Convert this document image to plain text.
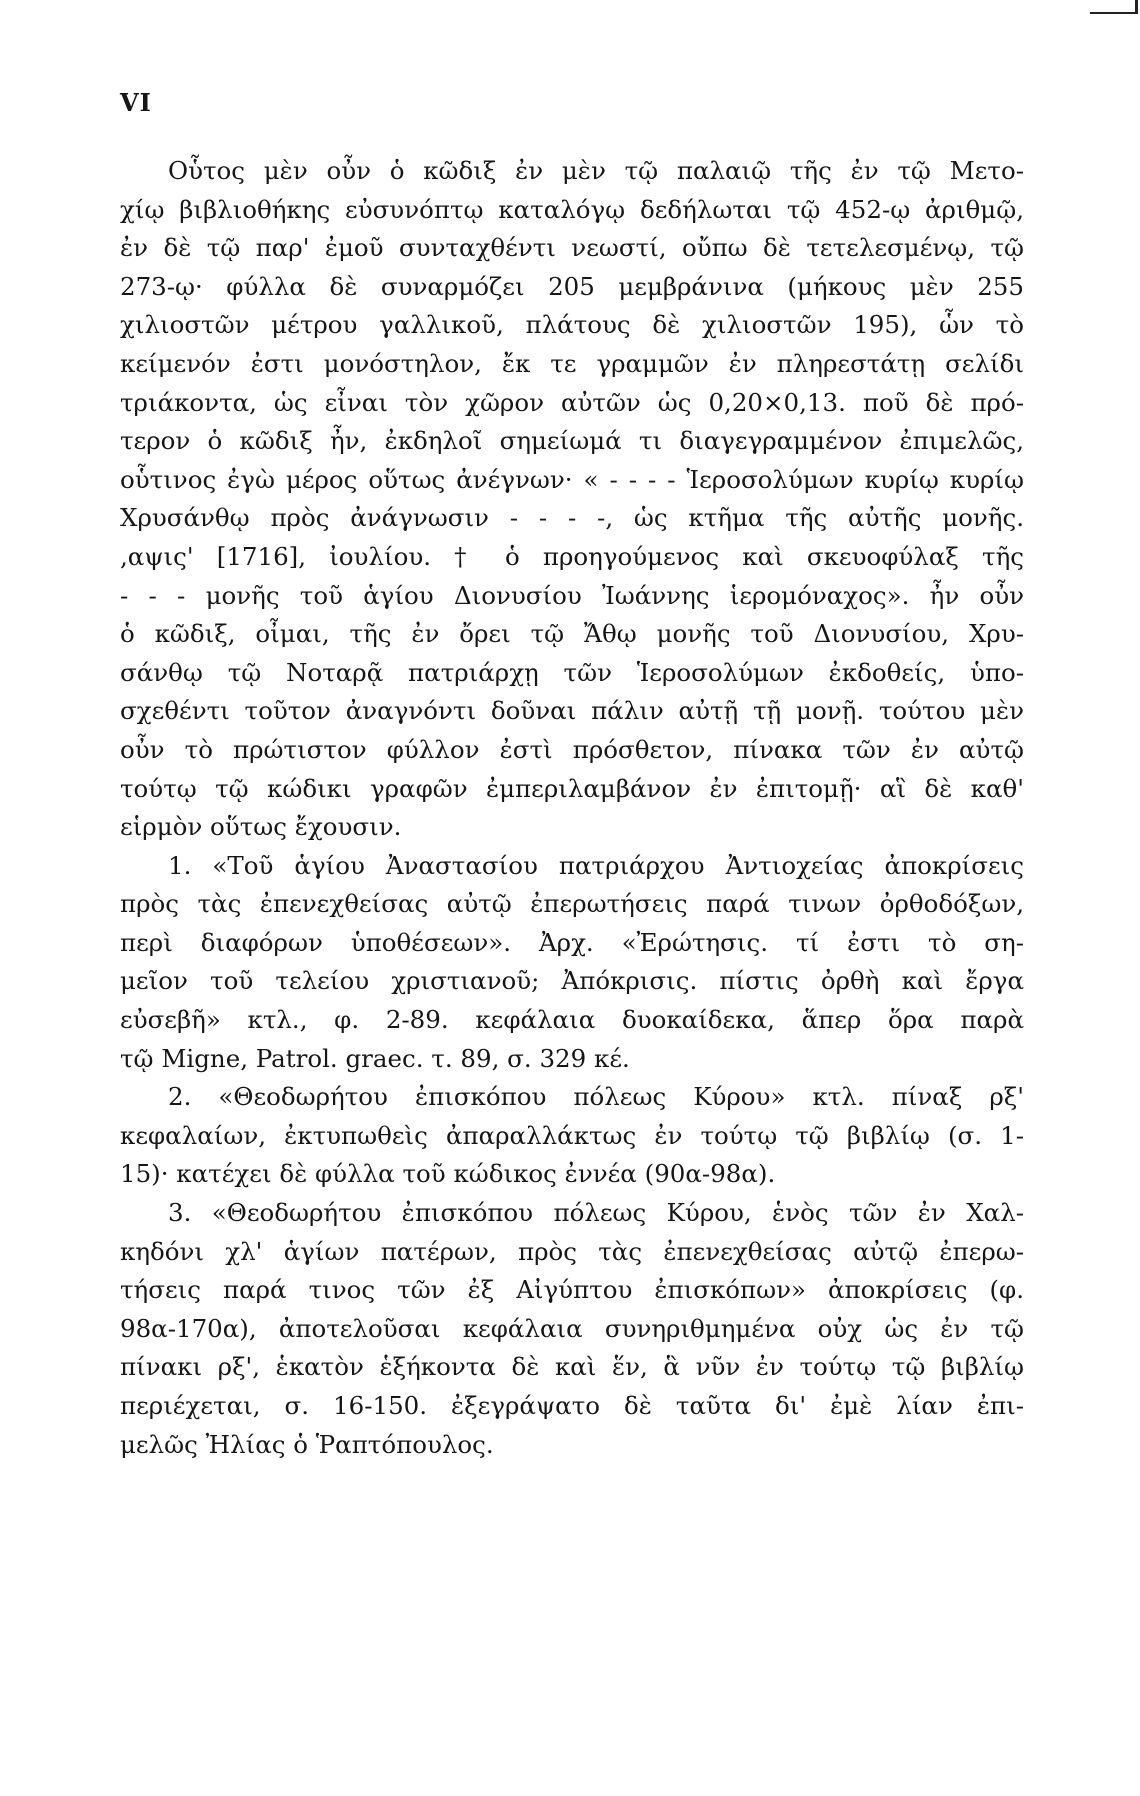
VI
Οὗτος μὲν οὖν ὁ κῶδιξ ἐν μὲν τῷ παλαιῷ τῆς ἐν τῷ Μετο-
χίῳ βιβλιοθήκης εὐσυνόπτῳ καταλόγῳ δεδήλωται τῷ 452-ῳ ἀριθμῷ,
ἐν δὲ τῷ παρ' ἐμοῦ συνταχθέντι νεωστί, οὔπω δὲ τετελεσμένῳ, τῷ
273-ῳ· φύλλα δὲ συναρμόζει 205 μεμβράνινα (μήκους μὲν 255
χιλιοστῶν μέτρου γαλλικοῦ, πλάτους δὲ χιλιοστῶν 195), ὧν τὸ
κείμενόν ἐστι μονόστηλον, ἔκ τε γραμμῶν ἐν πληρεστάτῃ σελίδι
τριάκοντα, ὡς εἶναι τὸν χῶρον αὐτῶν ὡς 0,20×0,13. ποῦ δὲ πρό-
τερον ὁ κῶδιξ ἦν, ἐκδηλοῖ σημείωμά τι διαγεγραμμένον ἐπιμελῶς,
οὗτινος ἐγὼ μέρος οὕτως ἀνέγνων· « - - - - Ἱεροσολύμων κυρίῳ κυρίῳ
Χρυσάνθῳ πρὸς ἀνάγνωσιν - - - -, ὡς κτῆμα τῆς αὐτῆς μονῆς.
,αψις' [1716], ἰουλίου. † ὁ προηγούμενος καὶ σκευοφύλαξ τῆς
- - - μονῆς τοῦ ἁγίου Διονυσίου Ἰωάννης ἱερομόναχος». ἦν οὖν
ὁ κῶδιξ, οἶμαι, τῆς ἐν ὄρει τῷ Ἄθῳ μονῆς τοῦ Διονυσίου, Χρυ-
σάνθῳ τῷ Νοταρᾷ πατριάρχῃ τῶν Ἱεροσολύμων ἐκδοθείς, ὑπο-
σχεθέντι τοῦτον ἀναγνόντι δοῦναι πάλιν αὐτῇ τῇ μονῇ. τούτου μὲν
οὖν τὸ πρώτιστον φύλλον ἐστὶ πρόσθετον, πίνακα τῶν ἐν αὐτῷ
τούτῳ τῷ κώδικι γραφῶν ἐμπεριλαμβάνον ἐν ἐπιτομῇ· αἳ δὲ καθ'
εἱρμὸν οὕτως ἔχουσιν.
1. «Τοῦ ἁγίου Ἀναστασίου πατριάρχου Ἀντιοχείας ἀποκρίσεις
πρὸς τὰς ἐπενεχθείσας αὐτῷ ἐπερωτήσεις παρά τινων ὀρθοδόξων,
περὶ διαφόρων ὑποθέσεων». Ἀρχ. «Ἐρώτησις. τί ἐστι τὸ ση-
μεῖον τοῦ τελείου χριστιανοῦ; Ἀπόκρισις. πίστις ὀρθὴ καὶ ἔργα
εὐσεβῆ» κτλ., φ. 2-89. κεφάλαια δυοκαίδεκα, ἅπερ ὅρα παρὰ
τῷ Migne, Patrol. graec. τ. 89, σ. 329 κέ.
2. «Θεοδωρήτου ἐπισκόπου πόλεως Κύρου» κτλ. πίναξ ρξ'
κεφαλαίων, ἐκτυπωθεὶς ἀπαραλλάκτως ἐν τούτῳ τῷ βιβλίῳ (σ. 1-
15)· κατέχει δὲ φύλλα τοῦ κώδικος ἐννέα (90α-98α).
3. «Θεοδωρήτου ἐπισκόπου πόλεως Κύρου, ἑνὸς τῶν ἐν Χαλ-
κηδόνι χλ' ἁγίων πατέρων, πρὸς τὰς ἐπενεχθείσας αὐτῷ ἐπερω-
τήσεις παρά τινος τῶν ἐξ Αἰγύπτου ἐπισκόπων» ἀποκρίσεις (φ.
98α-170α), ἀποτελοῦσαι κεφάλαια συνηριθμημένα οὐχ ὡς ἐν τῷ
πίνακι ρξ', ἑκατὸν ἑξήκοντα δὲ καὶ ἕν, ἃ νῦν ἐν τούτῳ τῷ βιβλίῳ
περιέχεται, σ. 16-150. ἐξεγράψατο δὲ ταῦτα δι' ἐμὲ λίαν ἐπι-
μελῶς Ἠλίας ὁ Ῥαπτόπουλος.
